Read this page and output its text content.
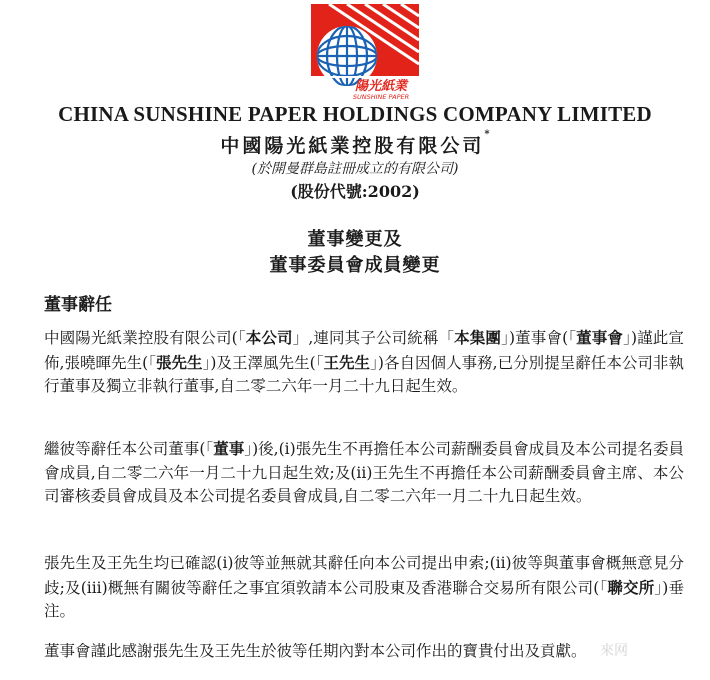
陽光紙業
SUNSHINE PAPER
CHINA SUNSHINE PAPER HOLDINGS COMPANY LIMITED
中國陽光紙業控股有限公司*
(於開曼群島註冊成立的有限公司)
(股份代號:2002)
董事變更及
董事委員會成員變更
董事辭任

中國陽光紙業控股有限公司(「本公司」,連同其子公司統稱「本集團」)董事會(「董事會」)謹此宣佈,張曉暉先生(「張先生」)及王澤風先生(「王先生」)各自因個人事務,已分別提呈辭任本公司非執行董事及獨立非執行董事,自二零二六年一月二十九日起生效。

繼彼等辭任本公司董事(「董事」)後,(i)張先生不再擔任本公司薪酬委員會成員及本公司提名委員會成員,自二零二六年一月二十九日起生效;及(ii)王先生不再擔任本公司薪酬委員會主席、本公司審核委員會成員及本公司提名委員會成員,自二零二六年一月二十九日起生效。

張先生及王先生均已確認(i)彼等並無就其辭任向本公司提出申索;(ii)彼等與董事會概無意見分歧;及(iii)概無有關彼等辭任之事宜須敦請本公司股東及香港聯合交易所有限公司(「聯交所」)垂注。

董事會謹此感謝張先生及王先生於彼等任期內對本公司作出的寶貴付出及貢獻。 來网
